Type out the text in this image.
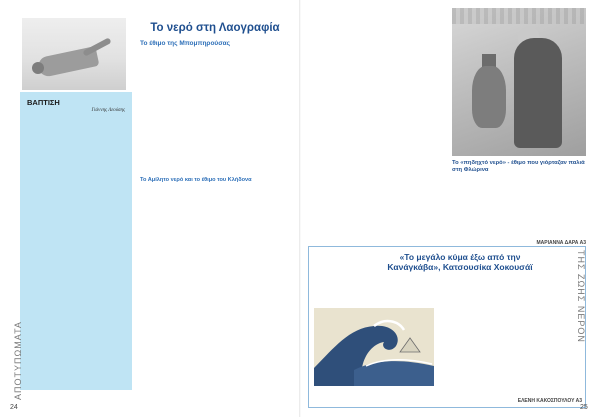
ΒΑΠΤΙΣΗ
Γιάννης Λεούσης
Το νερό στη Λαογραφία
Το έθιμο της Μπομπηρούσας

Το Αμίλητο νερό και το έθιμο του Κλήδονα

ΑΠΟΤΥΠΩΜΑΤΑ
24

Το «πηδηχτό νερό» - έθιμο που γιόρταζαν παλιά στη Φλώρινα

ΜΑΡΙΑΝΝΑ ΔΑΡΑ Α3
«Το μεγάλο κύμα έξω από την Κανάγκάβα», Κατσουσίκα Χοκουσάϊ

ΕΛΕΝΗ ΚΑΚΟΣΠΟΥΛΟΥ Α3
ΤΗΣ ΖΩΗΣ ΝΕΡΟΝ
25
